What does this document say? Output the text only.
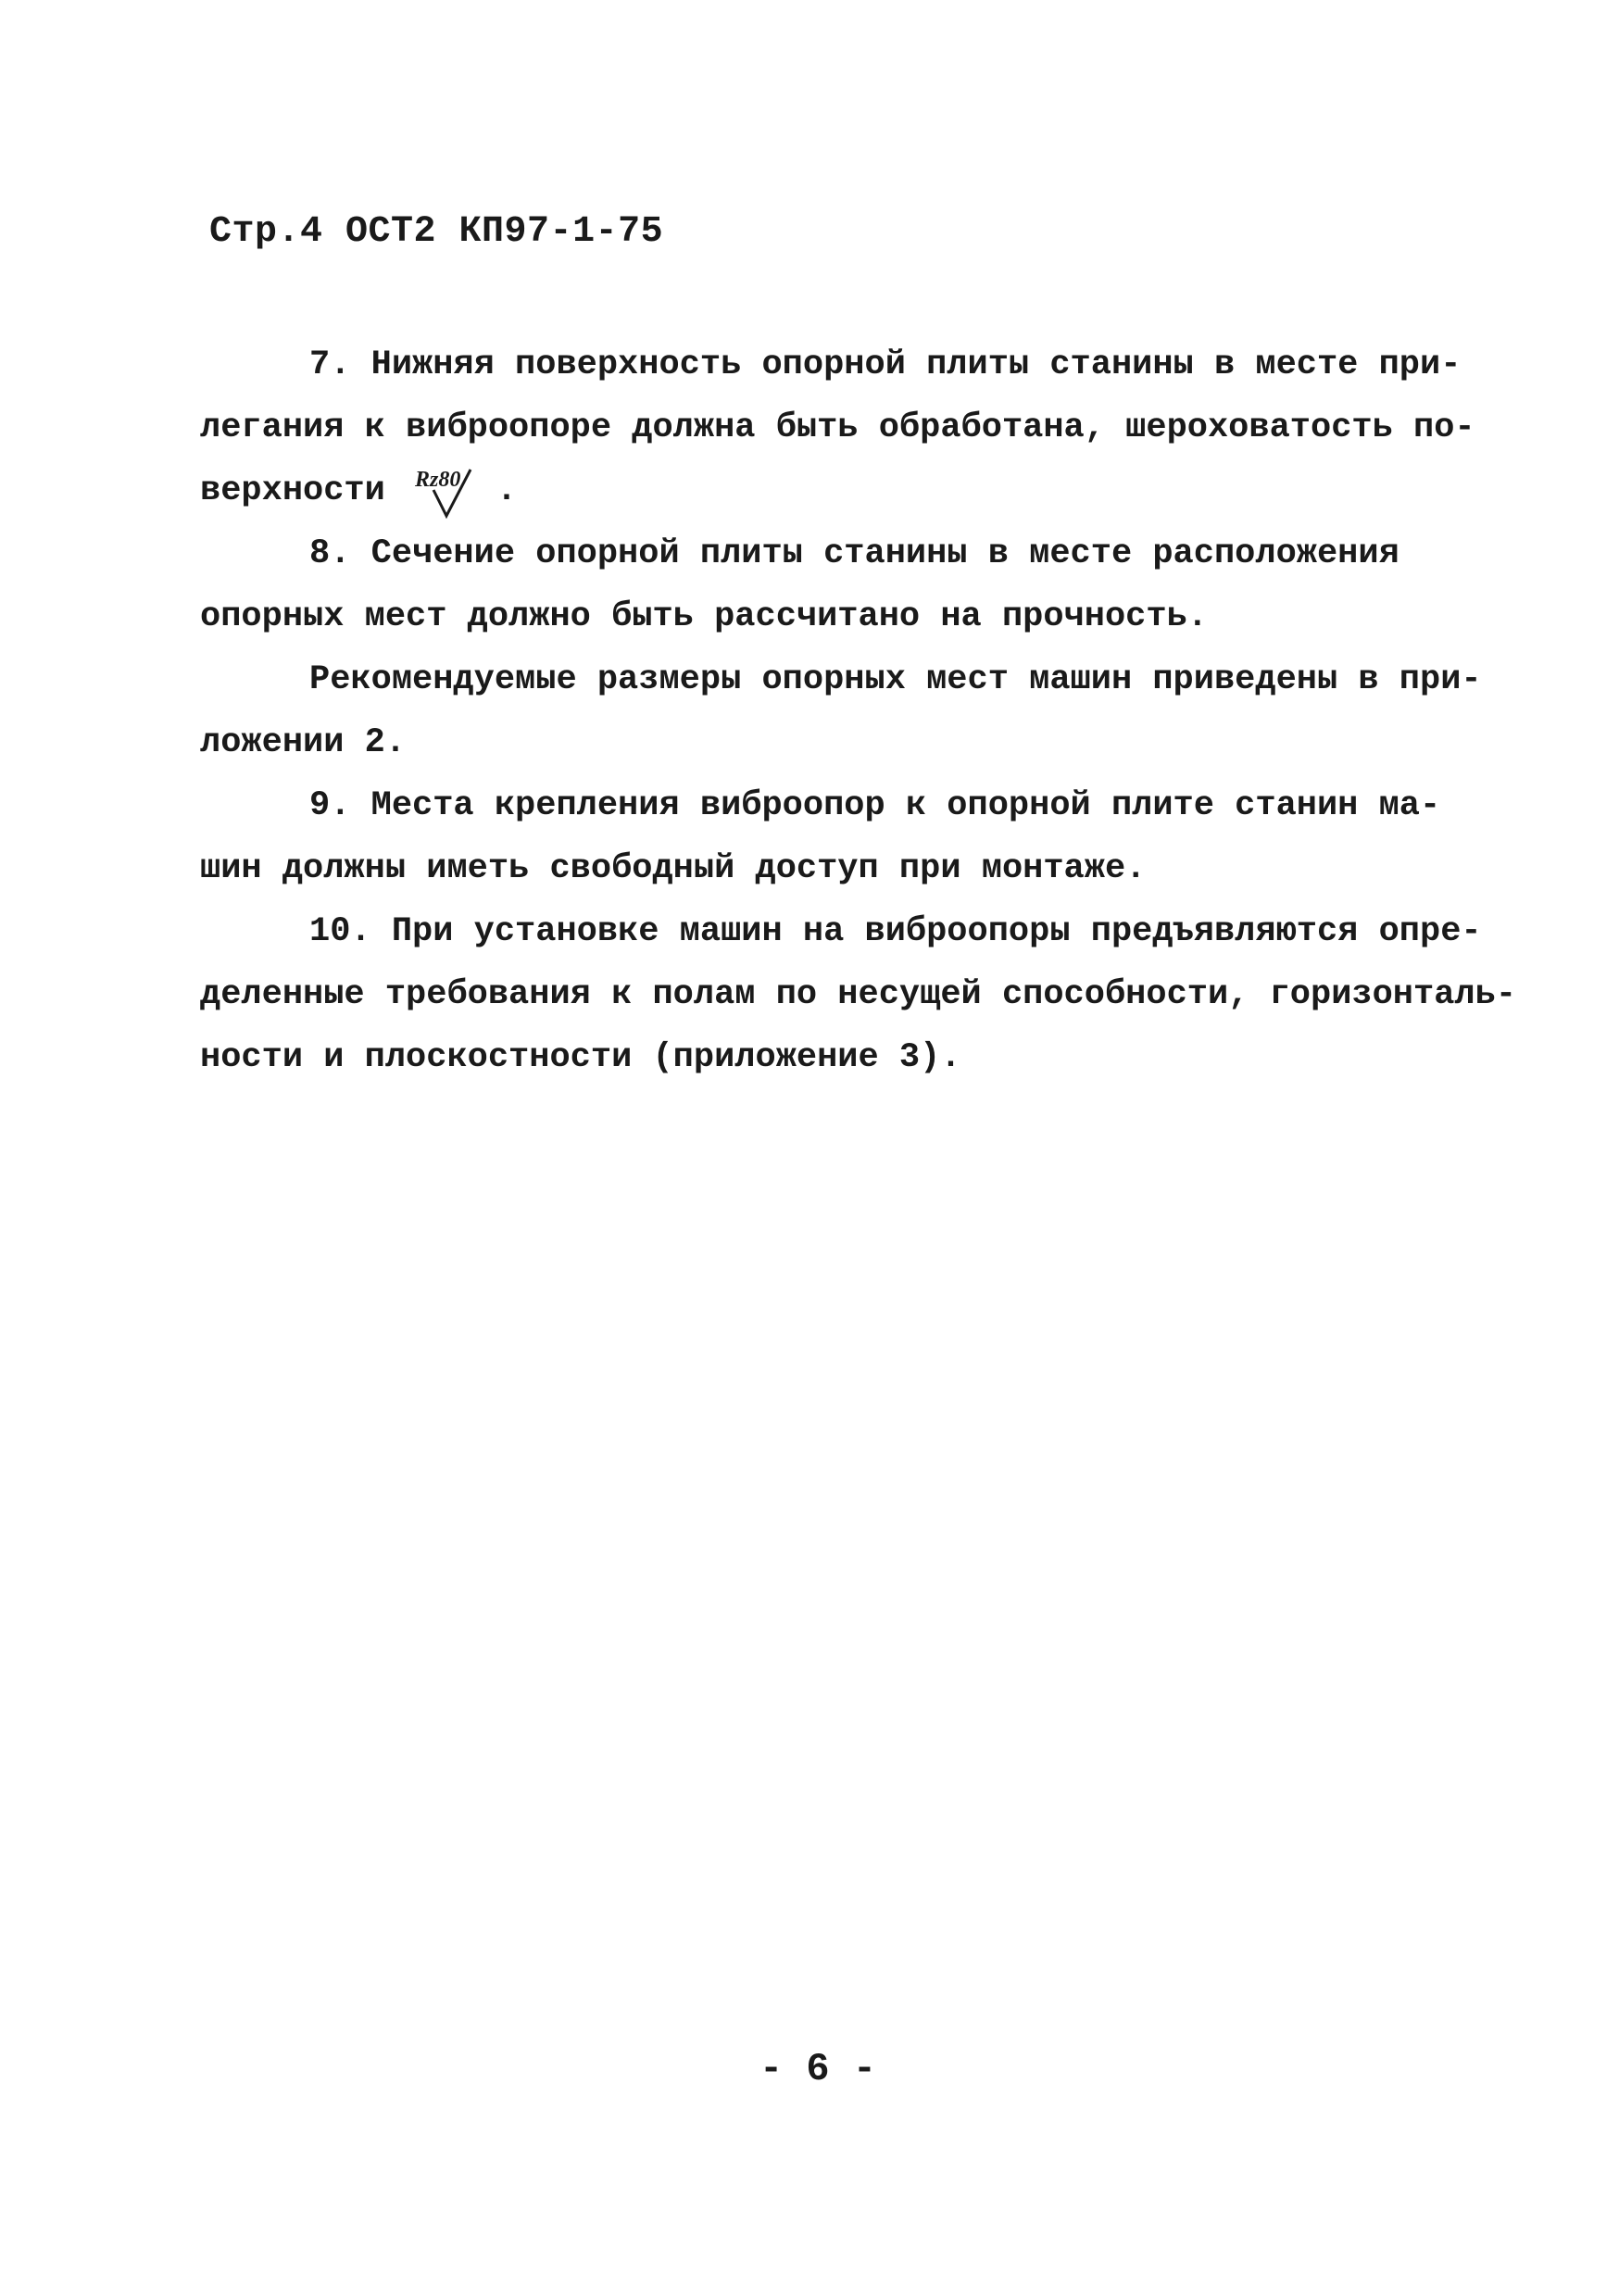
Стр.4 ОСТ2 КП97-1-75
7. Нижняя поверхность опорной плиты станины в месте при-
легания к виброопоре должна быть обработана, шероховатость по-
верхности Rz80 .
8. Сечение опорной плиты станины в месте расположения
опорных мест должно быть рассчитано на прочность.
Рекомендуемые размеры опорных мест машин приведены в при-
ложении 2.
9. Места крепления виброопор к опорной плите станин ма-
шин должны иметь свободный доступ при монтаже.
10. При установке машин на виброопоры предъявляются опре-
деленные требования к полам по несущей способности, горизонталь-
ности и плоскостности (приложение 3).
- 6 -
